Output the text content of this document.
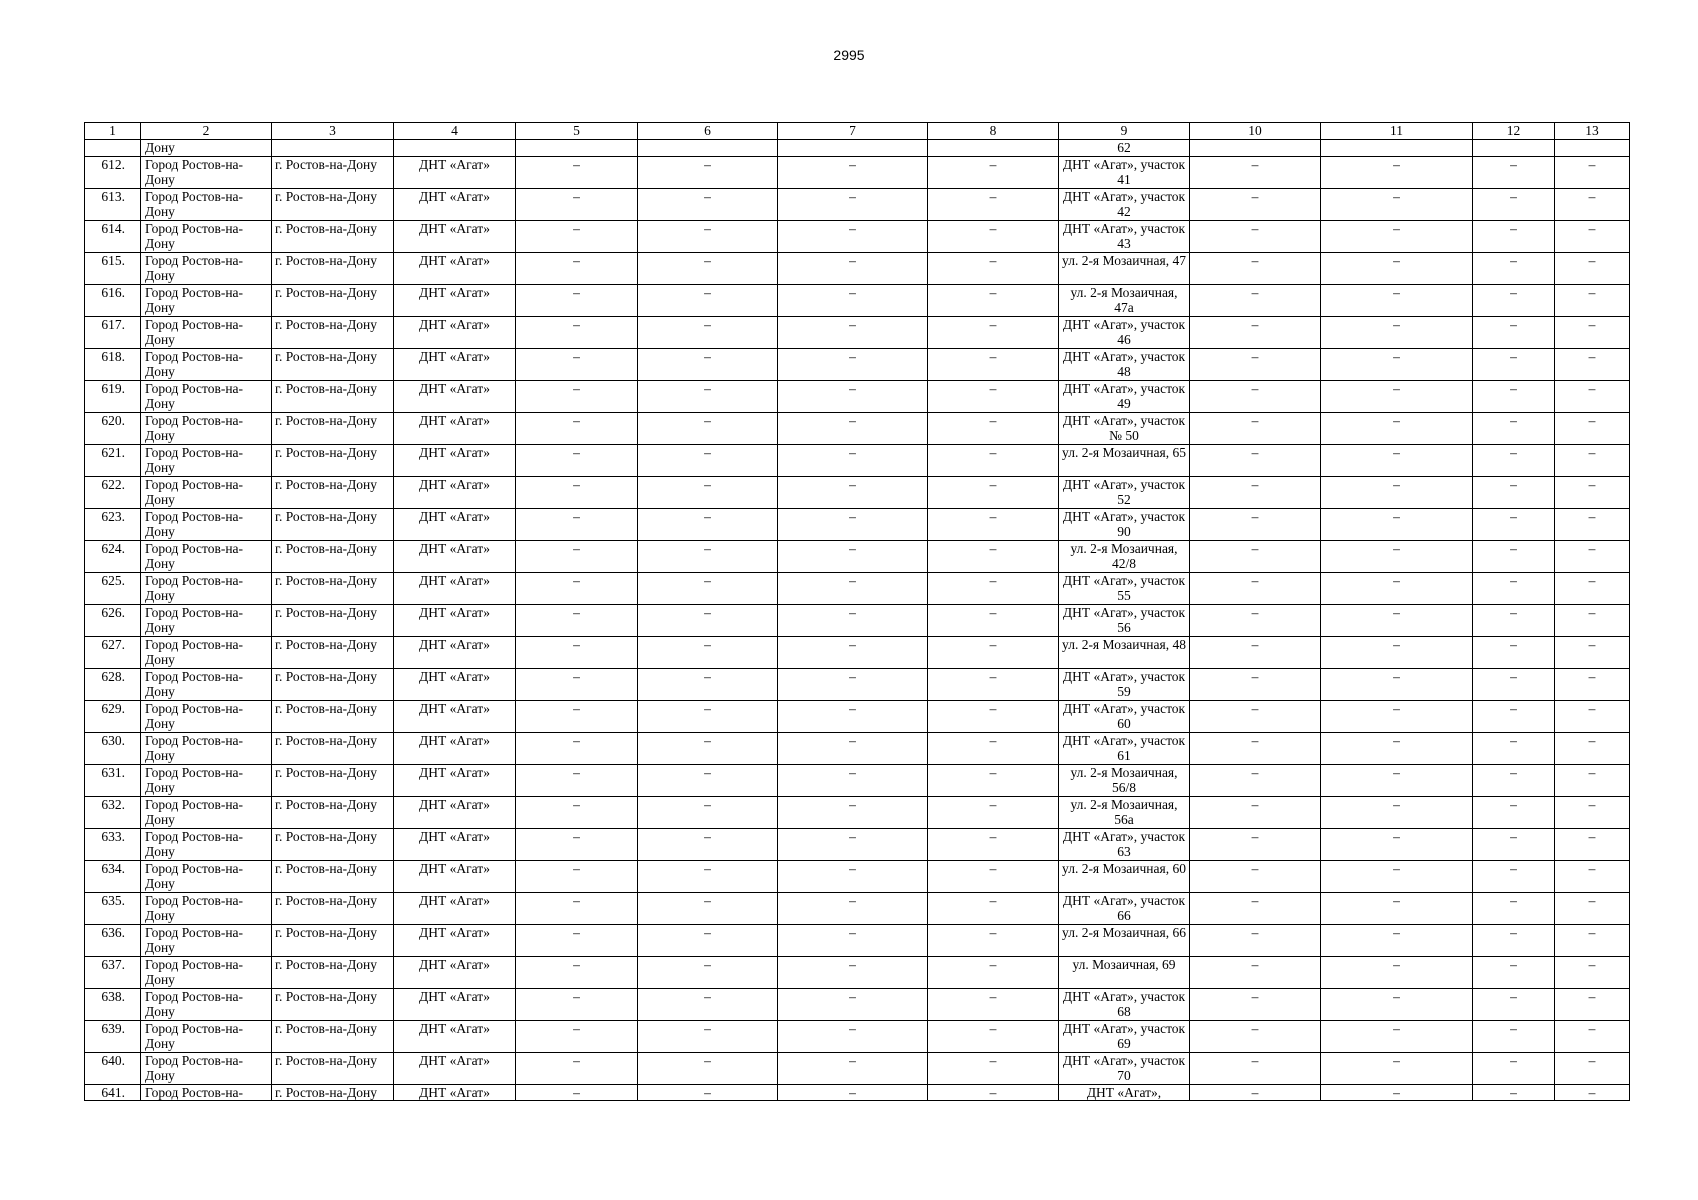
2995
1	2	3	4	5	6	7	8	9	10	11	12	13
	Дону							62				
612.	Город Ростов-на-Дону	г. Ростов-на-Дону	ДНТ «Агат»	–	–	–	–	ДНТ «Агат», участок 41	–	–	–	–
613.	Город Ростов-на-Дону	г. Ростов-на-Дону	ДНТ «Агат»	–	–	–	–	ДНТ «Агат», участок 42	–	–	–	–
614.	Город Ростов-на-Дону	г. Ростов-на-Дону	ДНТ «Агат»	–	–	–	–	ДНТ «Агат», участок 43	–	–	–	–
615.	Город Ростов-на-Дону	г. Ростов-на-Дону	ДНТ «Агат»	–	–	–	–	ул. 2-я Мозаичная, 47	–	–	–	–
616.	Город Ростов-на-Дону	г. Ростов-на-Дону	ДНТ «Агат»	–	–	–	–	ул. 2-я Мозаичная, 47а	–	–	–	–
617.	Город Ростов-на-Дону	г. Ростов-на-Дону	ДНТ «Агат»	–	–	–	–	ДНТ «Агат», участок 46	–	–	–	–
618.	Город Ростов-на-Дону	г. Ростов-на-Дону	ДНТ «Агат»	–	–	–	–	ДНТ «Агат», участок 48	–	–	–	–
619.	Город Ростов-на-Дону	г. Ростов-на-Дону	ДНТ «Агат»	–	–	–	–	ДНТ «Агат», участок 49	–	–	–	–
620.	Город Ростов-на-Дону	г. Ростов-на-Дону	ДНТ «Агат»	–	–	–	–	ДНТ «Агат», участок № 50	–	–	–	–
621.	Город Ростов-на-Дону	г. Ростов-на-Дону	ДНТ «Агат»	–	–	–	–	ул. 2-я Мозаичная, 65	–	–	–	–
622.	Город Ростов-на-Дону	г. Ростов-на-Дону	ДНТ «Агат»	–	–	–	–	ДНТ «Агат», участок 52	–	–	–	–
623.	Город Ростов-на-Дону	г. Ростов-на-Дону	ДНТ «Агат»	–	–	–	–	ДНТ «Агат», участок 90	–	–	–	–
624.	Город Ростов-на-Дону	г. Ростов-на-Дону	ДНТ «Агат»	–	–	–	–	ул. 2-я Мозаичная, 42/8	–	–	–	–
625.	Город Ростов-на-Дону	г. Ростов-на-Дону	ДНТ «Агат»	–	–	–	–	ДНТ «Агат», участок 55	–	–	–	–
626.	Город Ростов-на-Дону	г. Ростов-на-Дону	ДНТ «Агат»	–	–	–	–	ДНТ «Агат», участок 56	–	–	–	–
627.	Город Ростов-на-Дону	г. Ростов-на-Дону	ДНТ «Агат»	–	–	–	–	ул. 2-я Мозаичная, 48	–	–	–	–
628.	Город Ростов-на-Дону	г. Ростов-на-Дону	ДНТ «Агат»	–	–	–	–	ДНТ «Агат», участок 59	–	–	–	–
629.	Город Ростов-на-Дону	г. Ростов-на-Дону	ДНТ «Агат»	–	–	–	–	ДНТ «Агат», участок 60	–	–	–	–
630.	Город Ростов-на-Дону	г. Ростов-на-Дону	ДНТ «Агат»	–	–	–	–	ДНТ «Агат», участок 61	–	–	–	–
631.	Город Ростов-на-Дону	г. Ростов-на-Дону	ДНТ «Агат»	–	–	–	–	ул. 2-я Мозаичная, 56/8	–	–	–	–
632.	Город Ростов-на-Дону	г. Ростов-на-Дону	ДНТ «Агат»	–	–	–	–	ул. 2-я Мозаичная, 56а	–	–	–	–
633.	Город Ростов-на-Дону	г. Ростов-на-Дону	ДНТ «Агат»	–	–	–	–	ДНТ «Агат», участок 63	–	–	–	–
634.	Город Ростов-на-Дону	г. Ростов-на-Дону	ДНТ «Агат»	–	–	–	–	ул. 2-я Мозаичная, 60	–	–	–	–
635.	Город Ростов-на-Дону	г. Ростов-на-Дону	ДНТ «Агат»	–	–	–	–	ДНТ «Агат», участок 66	–	–	–	–
636.	Город Ростов-на-Дону	г. Ростов-на-Дону	ДНТ «Агат»	–	–	–	–	ул. 2-я Мозаичная, 66	–	–	–	–
637.	Город Ростов-на-Дону	г. Ростов-на-Дону	ДНТ «Агат»	–	–	–	–	ул. Мозаичная, 69	–	–	–	–
638.	Город Ростов-на-Дону	г. Ростов-на-Дону	ДНТ «Агат»	–	–	–	–	ДНТ «Агат», участок 68	–	–	–	–
639.	Город Ростов-на-Дону	г. Ростов-на-Дону	ДНТ «Агат»	–	–	–	–	ДНТ «Агат», участок 69	–	–	–	–
640.	Город Ростов-на-Дону	г. Ростов-на-Дону	ДНТ «Агат»	–	–	–	–	ДНТ «Агат», участок 70	–	–	–	–
641.	Город Ростов-на-	г. Ростов-на-Дону	ДНТ «Агат»	–	–	–	–	ДНТ «Агат»,	–	–	–	–
